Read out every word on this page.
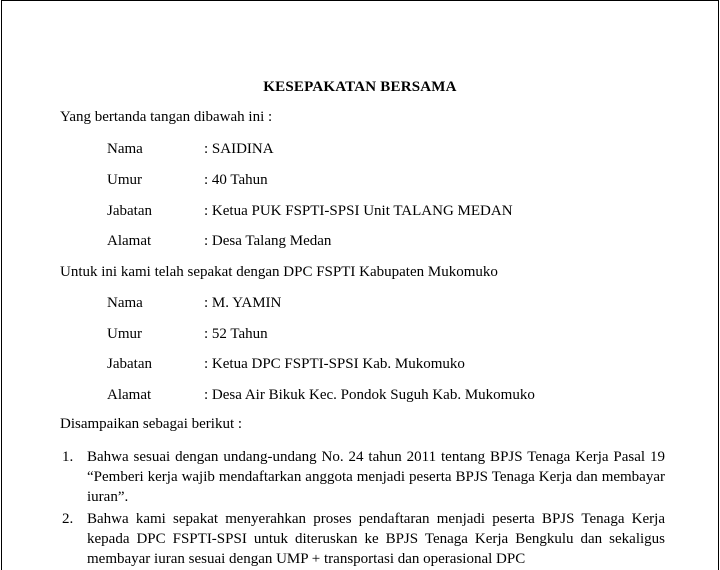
KESEPAKATAN BERSAMA
Yang bertanda tangan dibawah ini :
Nama	: SAIDINA
Umur	: 40 Tahun
Jabatan	: Ketua PUK FSPTI-SPSI Unit TALANG MEDAN
Alamat	: Desa Talang Medan
Untuk ini kami telah sepakat dengan DPC FSPTI Kabupaten Mukomuko
Nama	: M. YAMIN
Umur	: 52 Tahun
Jabatan	: Ketua DPC FSPTI-SPSI Kab. Mukomuko
Alamat	: Desa Air Bikuk Kec. Pondok Suguh Kab. Mukomuko
Disampaikan sebagai berikut :
1. Bahwa sesuai dengan undang-undang No. 24 tahun 2011 tentang BPJS Tenaga Kerja Pasal 19 “Pemberi kerja wajib mendaftarkan anggota menjadi peserta BPJS Tenaga Kerja dan membayar iuran”.
2. Bahwa kami sepakat menyerahkan proses pendaftaran menjadi peserta BPJS Tenaga Kerja kepada DPC FSPTI-SPSI untuk diteruskan ke BPJS Tenaga Kerja Bengkulu dan sekaligus membayar iuran sesuai dengan UMP + transportasi dan operasional DPC
